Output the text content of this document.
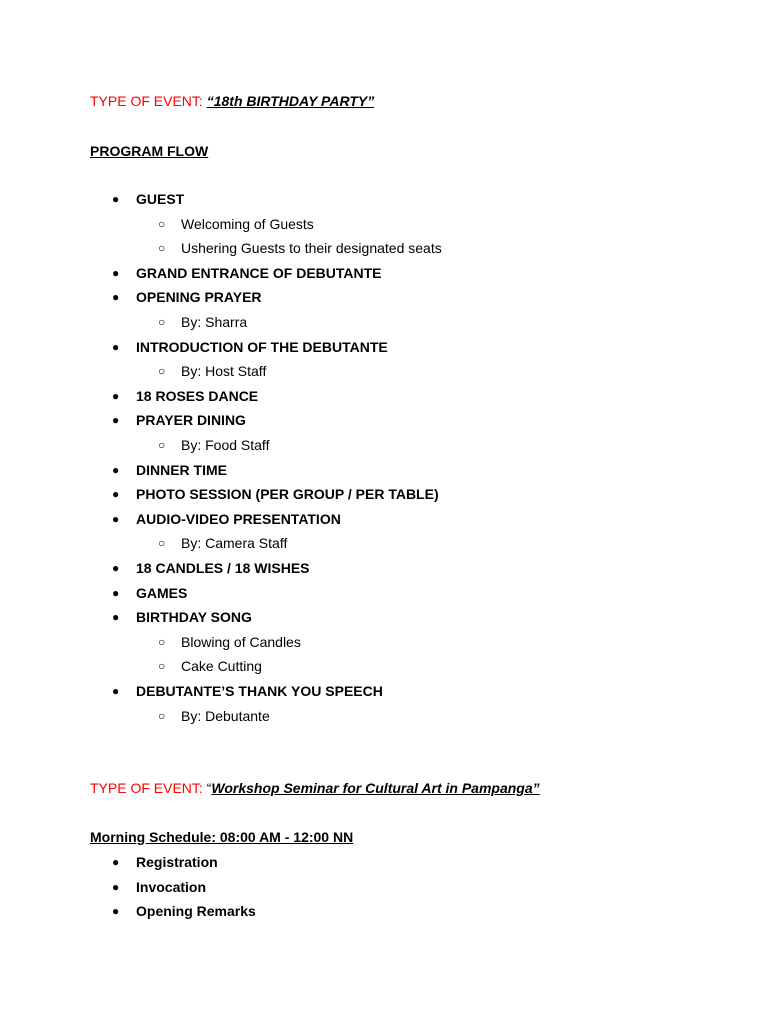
TYPE OF EVENT: “18th BIRTHDAY PARTY”
PROGRAM FLOW
● GUEST
○ Welcoming of Guests
○ Ushering Guests to their designated seats
● GRAND ENTRANCE OF DEBUTANTE
● OPENING PRAYER
○ By: Sharra
● INTRODUCTION OF THE DEBUTANTE
○ By: Host Staff
● 18 ROSES DANCE
● PRAYER DINING
○ By: Food Staff
● DINNER TIME
● PHOTO SESSION (PER GROUP / PER TABLE)
● AUDIO-VIDEO PRESENTATION
○ By: Camera Staff
● 18 CANDLES / 18 WISHES
● GAMES
● BIRTHDAY SONG
○ Blowing of Candles
○ Cake Cutting
● DEBUTANTE’S THANK YOU SPEECH
○ By: Debutante
TYPE OF EVENT: “Workshop Seminar for Cultural Art in Pampanga”
Morning Schedule: 08:00 AM - 12:00 NN
● Registration
● Invocation
● Opening Remarks
